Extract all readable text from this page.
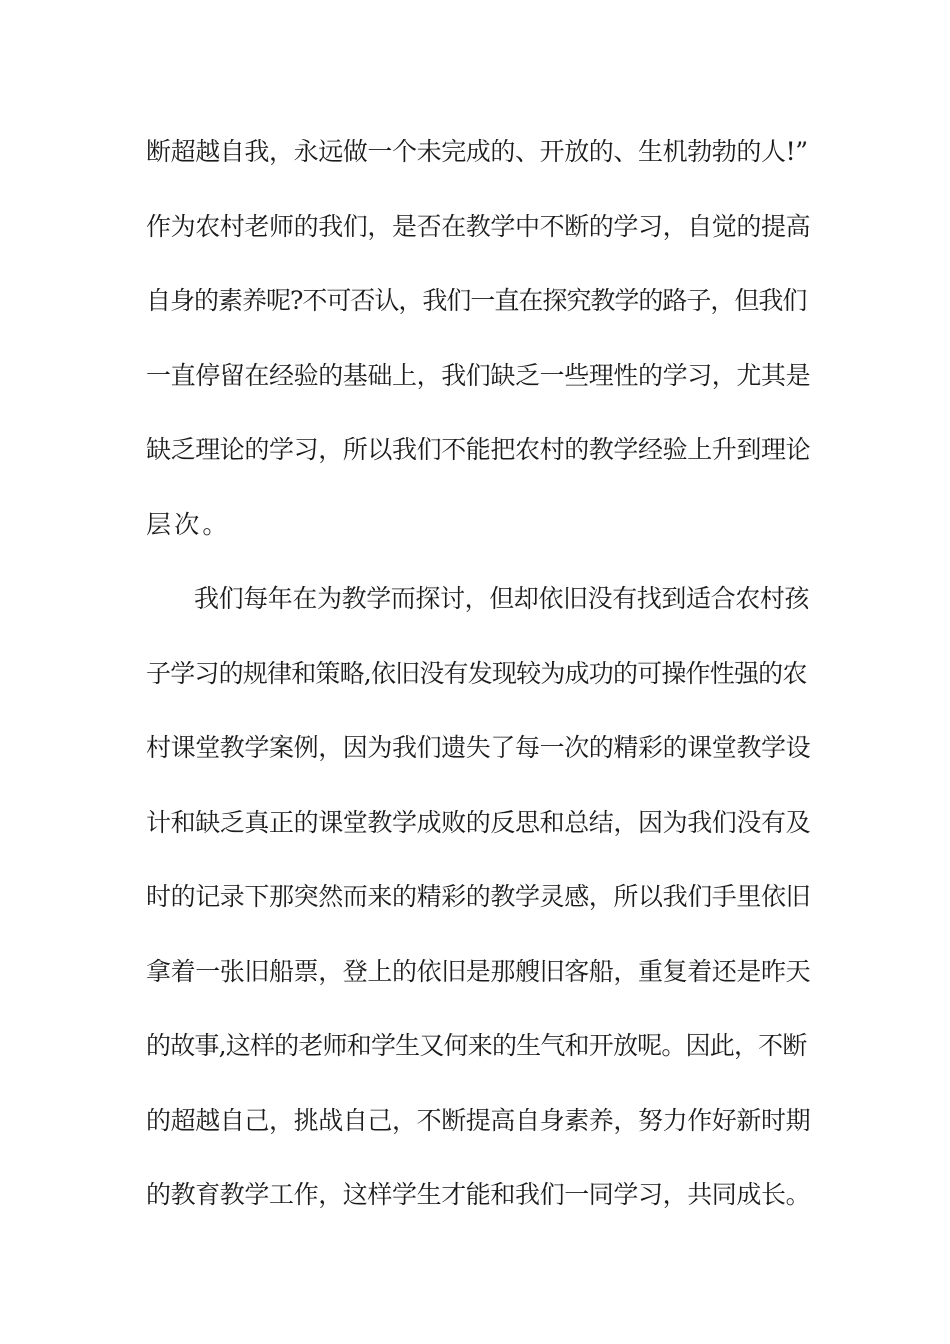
断超越自我，永远做一个未完成的、开放的、生机勃勃的人!”
作为农村老师的我们，是否在教学中不断的学习，自觉的提高
自身的素养呢?不可否认，我们一直在探究教学的路子，但我们
一直停留在经验的基础上，我们缺乏一些理性的学习，尤其是
缺乏理论的学习，所以我们不能把农村的教学经验上升到理论
层次。
我们每年在为教学而探讨，但却依旧没有找到适合农村孩
子学习的规律和策略,依旧没有发现较为成功的可操作性强的农
村课堂教学案例，因为我们遗失了每一次的精彩的课堂教学设
计和缺乏真正的课堂教学成败的反思和总结，因为我们没有及
时的记录下那突然而来的精彩的教学灵感，所以我们手里依旧
拿着一张旧船票，登上的依旧是那艘旧客船，重复着还是昨天
的故事,这样的老师和学生又何来的生气和开放呢。因此，不断
的超越自己，挑战自己，不断提高自身素养，努力作好新时期
的教育教学工作，这样学生才能和我们一同学习，共同成长。
